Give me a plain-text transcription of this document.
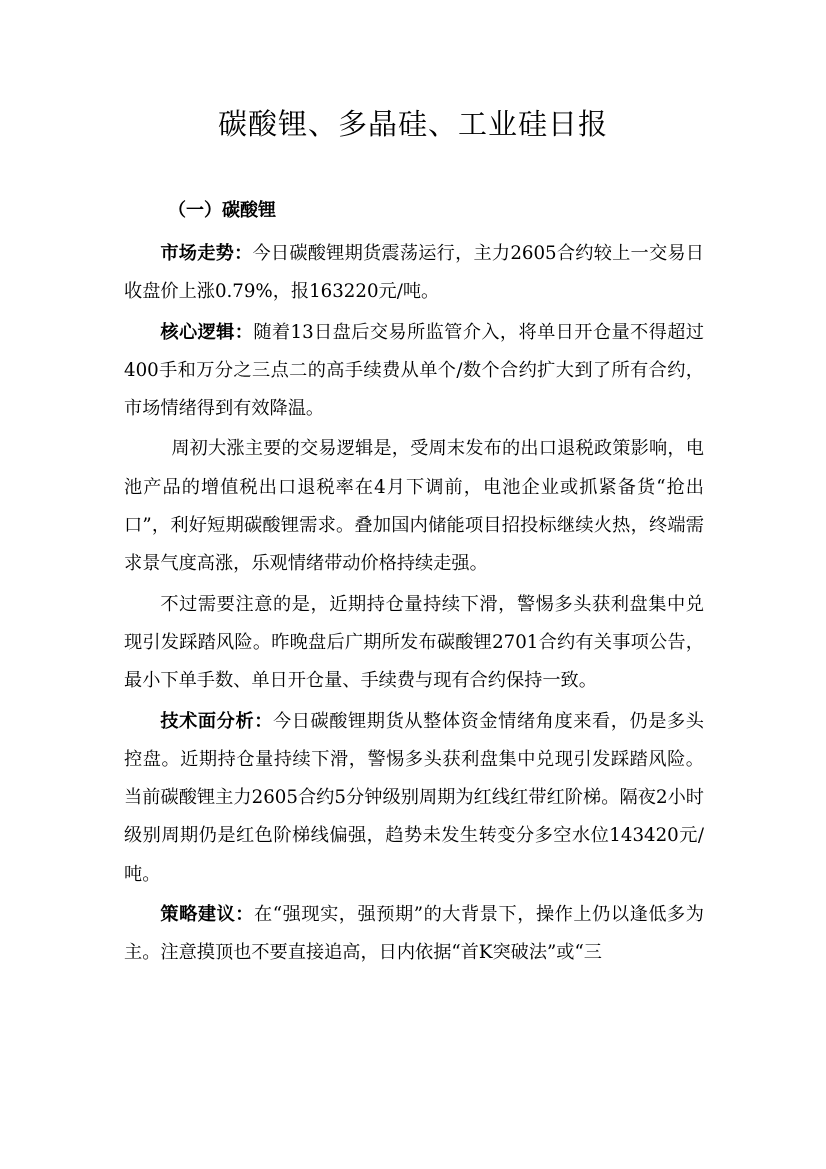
碳酸锂、多晶硅、工业硅日报
（一）碳酸锂

市场走势：今日碳酸锂期货震荡运行，主力2605合约较上一交易日收盘价上涨0.79%，报163220元/吨。

核心逻辑：随着13日盘后交易所监管介入，将单日开仓量不得超过400手和万分之三点二的高手续费从单个/数个合约扩大到了所有合约，市场情绪得到有效降温。

周初大涨主要的交易逻辑是，受周末发布的出口退税政策影响，电池产品的增值税出口退税率在4月下调前，电池企业或抓紧备货“抢出口”，利好短期碳酸锂需求。叠加国内储能项目招投标继续火热，终端需求景气度高涨，乐观情绪带动价格持续走强。

不过需要注意的是，近期持仓量持续下滑，警惕多头获利盘集中兑现引发踩踏风险。昨晚盘后广期所发布碳酸锂2701合约有关事项公告，最小下单手数、单日开仓量、手续费与现有合约保持一致。

技术面分析：今日碳酸锂期货从整体资金情绪角度来看，仍是多头控盘。近期持仓量持续下滑，警惕多头获利盘集中兑现引发踩踏风险。当前碳酸锂主力2605合约5分钟级别周期为红线红带红阶梯。隔夜2小时级别周期仍是红色阶梯线偏强，趋势未发生转变分多空水位143420元/吨。

策略建议：在“强现实，强预期”的大背景下，操作上仍以逢低多为主。注意摸顶也不要直接追高，日内依据“首K突破法”或“三
